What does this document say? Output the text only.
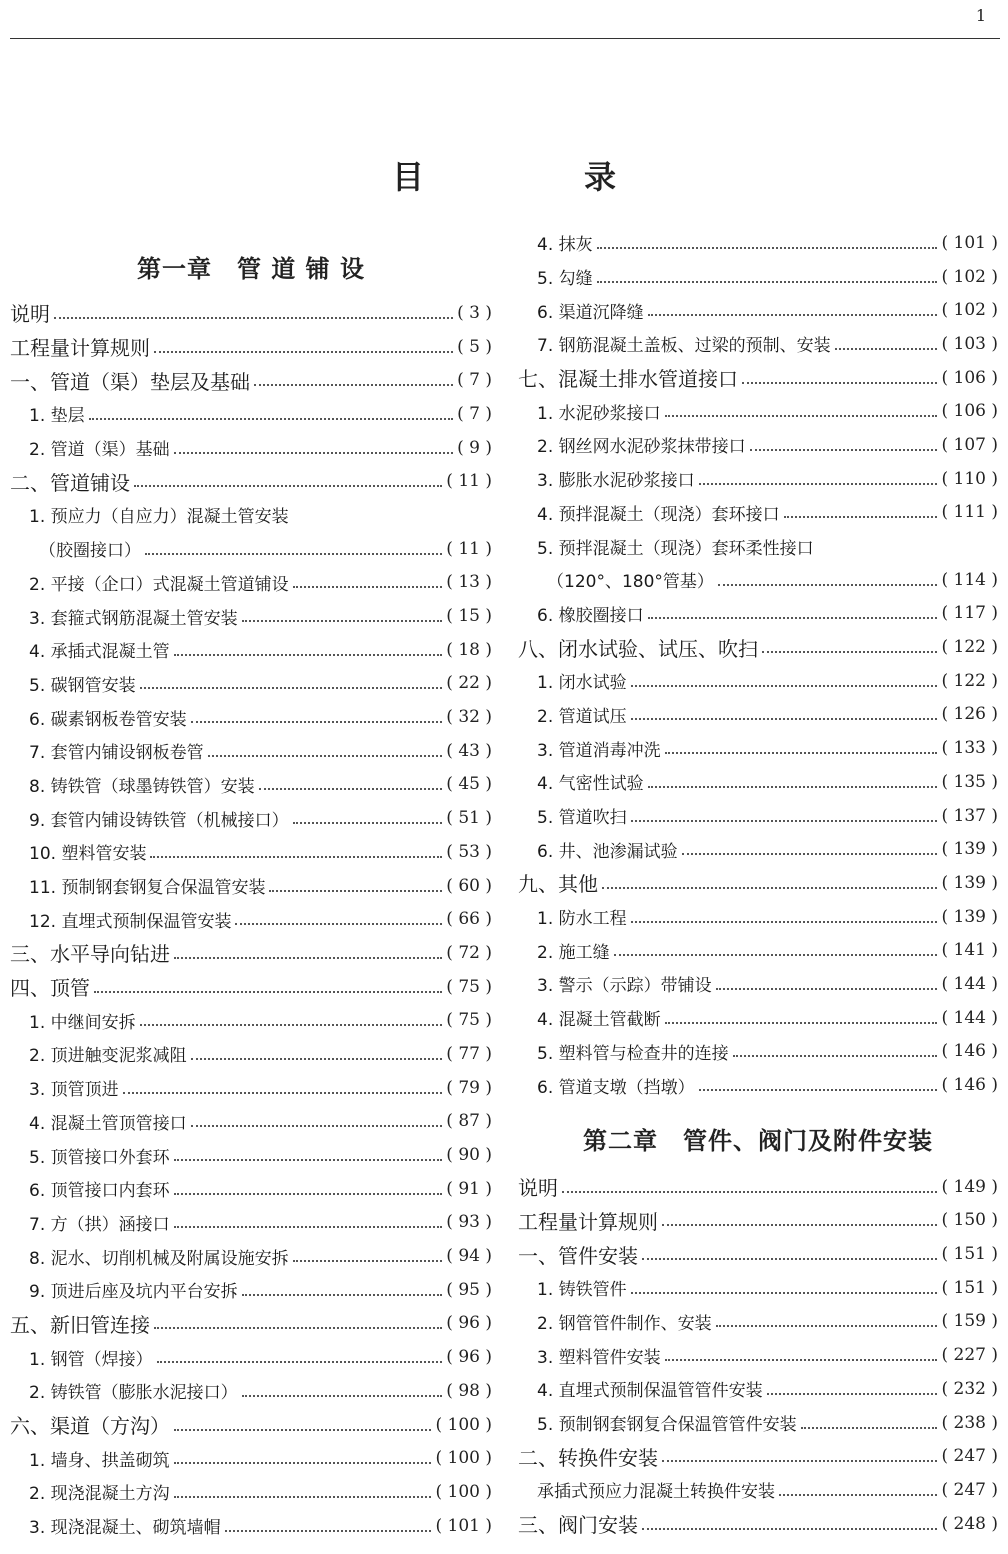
1
目　录
第一章　管 道 铺 设
说明	( 3 )
工程量计算规则	( 5 )
一、管道（渠）垫层及基础	( 7 )
1. 垫层	( 7 )
2. 管道（渠）基础	( 9 )
二、管道铺设	( 11 )
1. 预应力（自应力）混凝土管安装
（胶圈接口）	( 11 )
2. 平接（企口）式混凝土管道铺设	( 13 )
3. 套箍式钢筋混凝土管安装	( 15 )
4. 承插式混凝土管	( 18 )
5. 碳钢管安装	( 22 )
6. 碳素钢板卷管安装	( 32 )
7. 套管内铺设钢板卷管	( 43 )
8. 铸铁管（球墨铸铁管）安装	( 45 )
9. 套管内铺设铸铁管（机械接口）	( 51 )
10. 塑料管安装	( 53 )
11. 预制钢套钢复合保温管安装	( 60 )
12. 直埋式预制保温管安装	( 66 )
三、水平导向钻进	( 72 )
四、顶管	( 75 )
1. 中继间安拆	( 75 )
2. 顶进触变泥浆减阻	( 77 )
3. 顶管顶进	( 79 )
4. 混凝土管顶管接口	( 87 )
5. 顶管接口外套环	( 90 )
6. 顶管接口内套环	( 91 )
7. 方（拱）涵接口	( 93 )
8. 泥水、切削机械及附属设施安拆	( 94 )
9. 顶进后座及坑内平台安拆	( 95 )
五、新旧管连接	( 96 )
1. 钢管（焊接）	( 96 )
2. 铸铁管（膨胀水泥接口）	( 98 )
六、渠道（方沟）	( 100 )
1. 墙身、拱盖砌筑	( 100 )
2. 现浇混凝土方沟	( 100 )
3. 现浇混凝土、砌筑墙帽	( 101 )
4. 抹灰	( 101 )
5. 勾缝	( 102 )
6. 渠道沉降缝	( 102 )
7. 钢筋混凝土盖板、过梁的预制、安装	( 103 )
七、混凝土排水管道接口	( 106 )
1. 水泥砂浆接口	( 106 )
2. 钢丝网水泥砂浆抹带接口	( 107 )
3. 膨胀水泥砂浆接口	( 110 )
4. 预拌混凝土（现浇）套环接口	( 111 )
5. 预拌混凝土（现浇）套环柔性接口
（120°、180°管基）	( 114 )
6. 橡胶圈接口	( 117 )
八、闭水试验、试压、吹扫	( 122 )
1. 闭水试验	( 122 )
2. 管道试压	( 126 )
3. 管道消毒冲洗	( 133 )
4. 气密性试验	( 135 )
5. 管道吹扫	( 137 )
6. 井、池渗漏试验	( 139 )
九、其他	( 139 )
1. 防水工程	( 139 )
2. 施工缝	( 141 )
3. 警示（示踪）带铺设	( 144 )
4. 混凝土管截断	( 144 )
5. 塑料管与检查井的连接	( 146 )
6. 管道支墩（挡墩）	( 146 )
第二章　管件、阀门及附件安装
说明	( 149 )
工程量计算规则	( 150 )
一、管件安装	( 151 )
1. 铸铁管件	( 151 )
2. 钢管管件制作、安装	( 159 )
3. 塑料管件安装	( 227 )
4. 直埋式预制保温管管件安装	( 232 )
5. 预制钢套钢复合保温管管件安装	( 238 )
二、转换件安装	( 247 )
承插式预应力混凝土转换件安装	( 247 )
三、阀门安装	( 248 )
